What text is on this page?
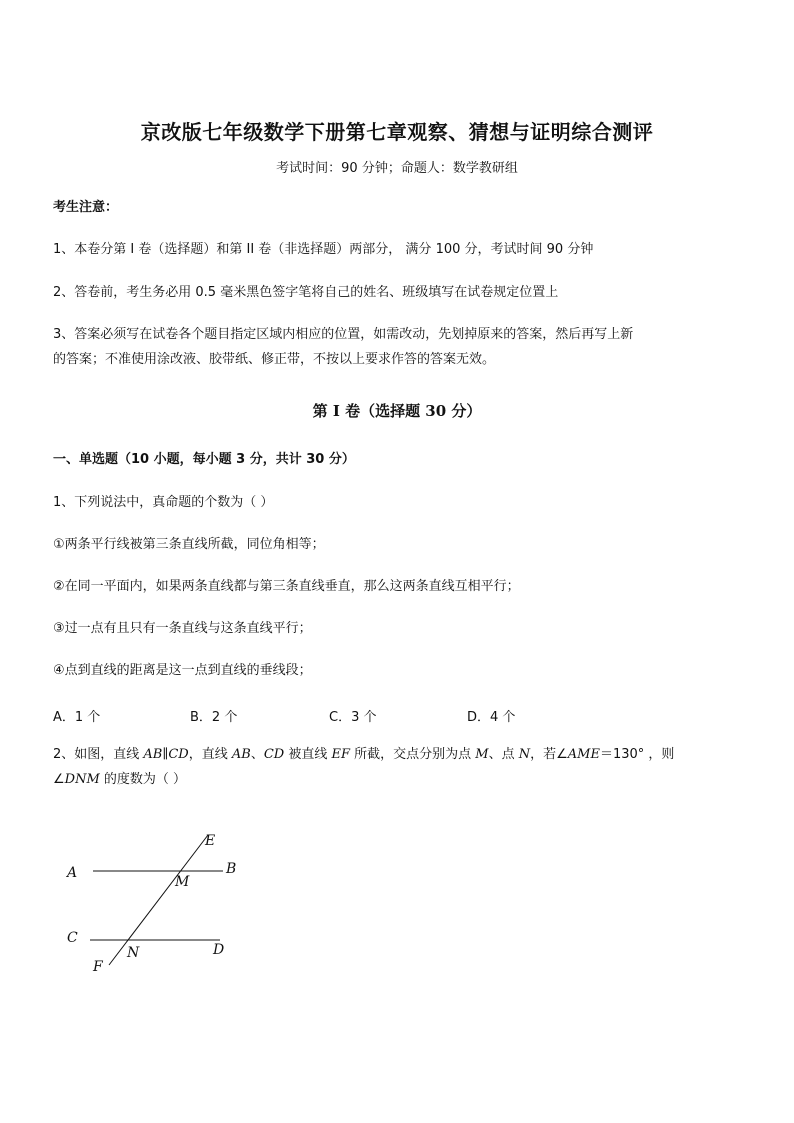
京改版七年级数学下册第七章观察、猜想与证明综合测评
考试时间：90 分钟；命题人：数学教研组
考生注意：
1、本卷分第 I 卷（选择题）和第 II 卷（非选择题）两部分， 满分 100 分，考试时间 90 分钟
2、答卷前，考生务必用 0.5 毫米黑色签字笔将自己的姓名、班级填写在试卷规定位置上
3、答案必须写在试卷各个题目指定区域内相应的位置，如需改动，先划掉原来的答案，然后再写上新
的答案；不准使用涂改液、胶带纸、修正带，不按以上要求作答的答案无效。
第 I 卷（选择题 30 分）
一、单选题（10 小题，每小题 3 分，共计 30 分）
1、下列说法中，真命题的个数为（ ）
①两条平行线被第三条直线所截，同位角相等；
②在同一平面内，如果两条直线都与第三条直线垂直，那么这两条直线互相平行；
③过一点有且只有一条直线与这条直线平行；
④点到直线的距离是这一点到直线的垂线段；
A．1 个	B．2 个	C．3 个	D．4 个
2、如图，直线 AB∥CD，直线 AB、CD 被直线 EF 所截，交点分别为点 M、点 N，若∠AME＝130° ，则
∠DNM 的度数为（ ）
A	B
C
D
E
F
M
N
